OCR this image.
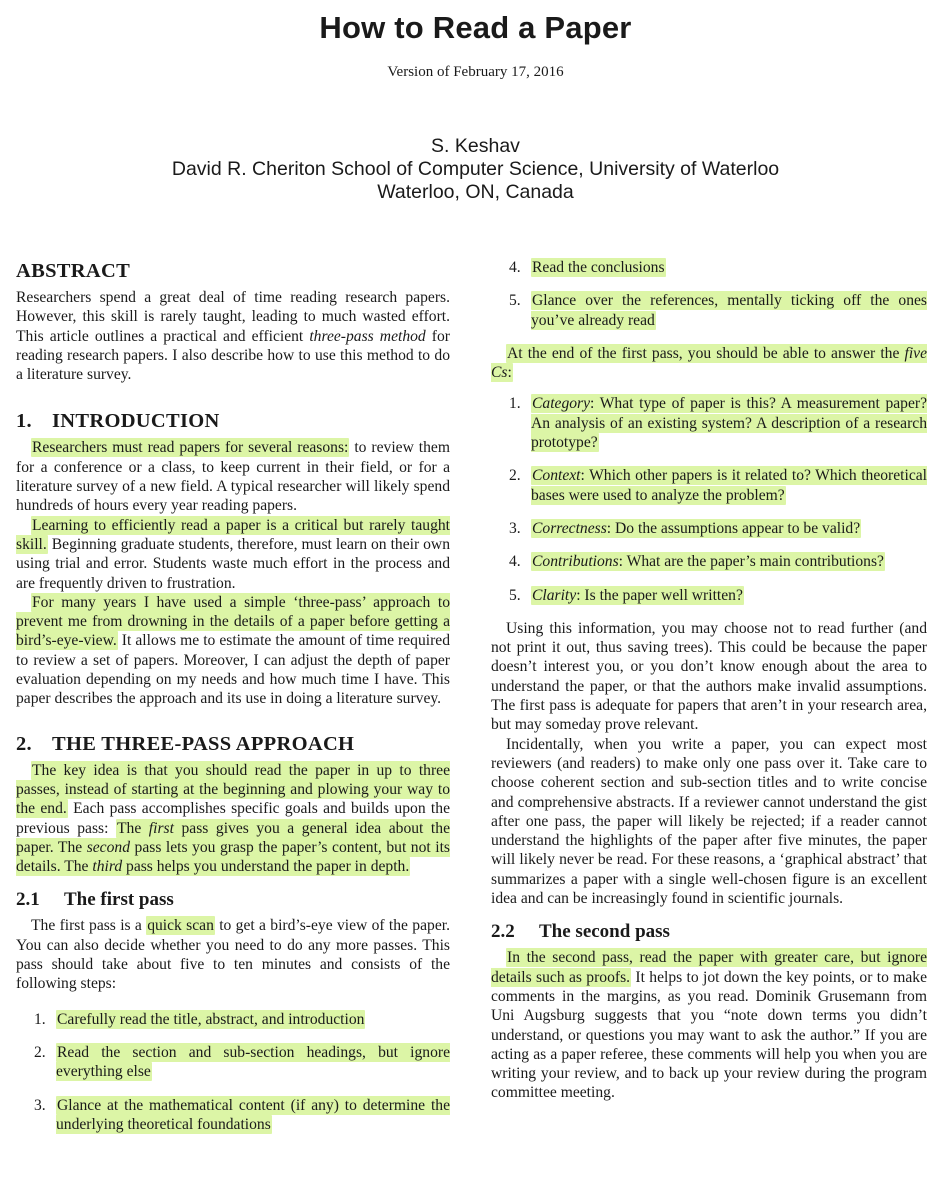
How to Read a Paper
Version of February 17, 2016
S. Keshav
David R. Cheriton School of Computer Science, University of Waterloo
Waterloo, ON, Canada
ABSTRACT

Researchers spend a great deal of time reading research papers. However, this skill is rarely taught, leading to much wasted effort. This article outlines a practical and efficient three-pass method for reading research papers. I also describe how to use this method to do a literature survey.

1. INTRODUCTION

Researchers must read papers for several reasons: to review them for a conference or a class, to keep current in their field, or for a literature survey of a new field. A typical researcher will likely spend hundreds of hours every year reading papers.

Learning to efficiently read a paper is a critical but rarely taught skill. Beginning graduate students, therefore, must learn on their own using trial and error. Students waste much effort in the process and are frequently driven to frustration.

For many years I have used a simple ‘three-pass’ approach to prevent me from drowning in the details of a paper before getting a bird’s-eye-view. It allows me to estimate the amount of time required to review a set of papers. Moreover, I can adjust the depth of paper evaluation depending on my needs and how much time I have. This paper describes the approach and its use in doing a literature survey.

2. THE THREE-PASS APPROACH

The key idea is that you should read the paper in up to three passes, instead of starting at the beginning and plowing your way to the end. Each pass accomplishes specific goals and builds upon the previous pass: The first pass gives you a general idea about the paper. The second pass lets you grasp the paper’s content, but not its details. The third pass helps you understand the paper in depth.

2.1 The first pass

The first pass is a quick scan to get a bird’s-eye view of the paper. You can also decide whether you need to do any more passes. This pass should take about five to ten minutes and consists of the following steps:

1. Carefully read the title, abstract, and introduction
2. Read the section and sub-section headings, but ignore everything else
3. Glance at the mathematical content (if any) to determine the underlying theoretical foundations
4. Read the conclusions
5. Glance over the references, mentally ticking off the ones you’ve already read

At the end of the first pass, you should be able to answer the five Cs:

1. Category: What type of paper is this? A measurement paper? An analysis of an existing system? A description of a research prototype?
2. Context: Which other papers is it related to? Which theoretical bases were used to analyze the problem?
3. Correctness: Do the assumptions appear to be valid?
4. Contributions: What are the paper’s main contributions?
5. Clarity: Is the paper well written?

Using this information, you may choose not to read further (and not print it out, thus saving trees). This could be because the paper doesn’t interest you, or you don’t know enough about the area to understand the paper, or that the authors make invalid assumptions. The first pass is adequate for papers that aren’t in your research area, but may someday prove relevant.

Incidentally, when you write a paper, you can expect most reviewers (and readers) to make only one pass over it. Take care to choose coherent section and sub-section titles and to write concise and comprehensive abstracts. If a reviewer cannot understand the gist after one pass, the paper will likely be rejected; if a reader cannot understand the highlights of the paper after five minutes, the paper will likely never be read. For these reasons, a ‘graphical abstract’ that summarizes a paper with a single well-chosen figure is an excellent idea and can be increasingly found in scientific journals.

2.2 The second pass

In the second pass, read the paper with greater care, but ignore details such as proofs. It helps to jot down the key points, or to make comments in the margins, as you read. Dominik Grusemann from Uni Augsburg suggests that you “note down terms you didn’t understand, or questions you may want to ask the author.” If you are acting as a paper referee, these comments will help you when you are writing your review, and to back up your review during the program committee meeting.
